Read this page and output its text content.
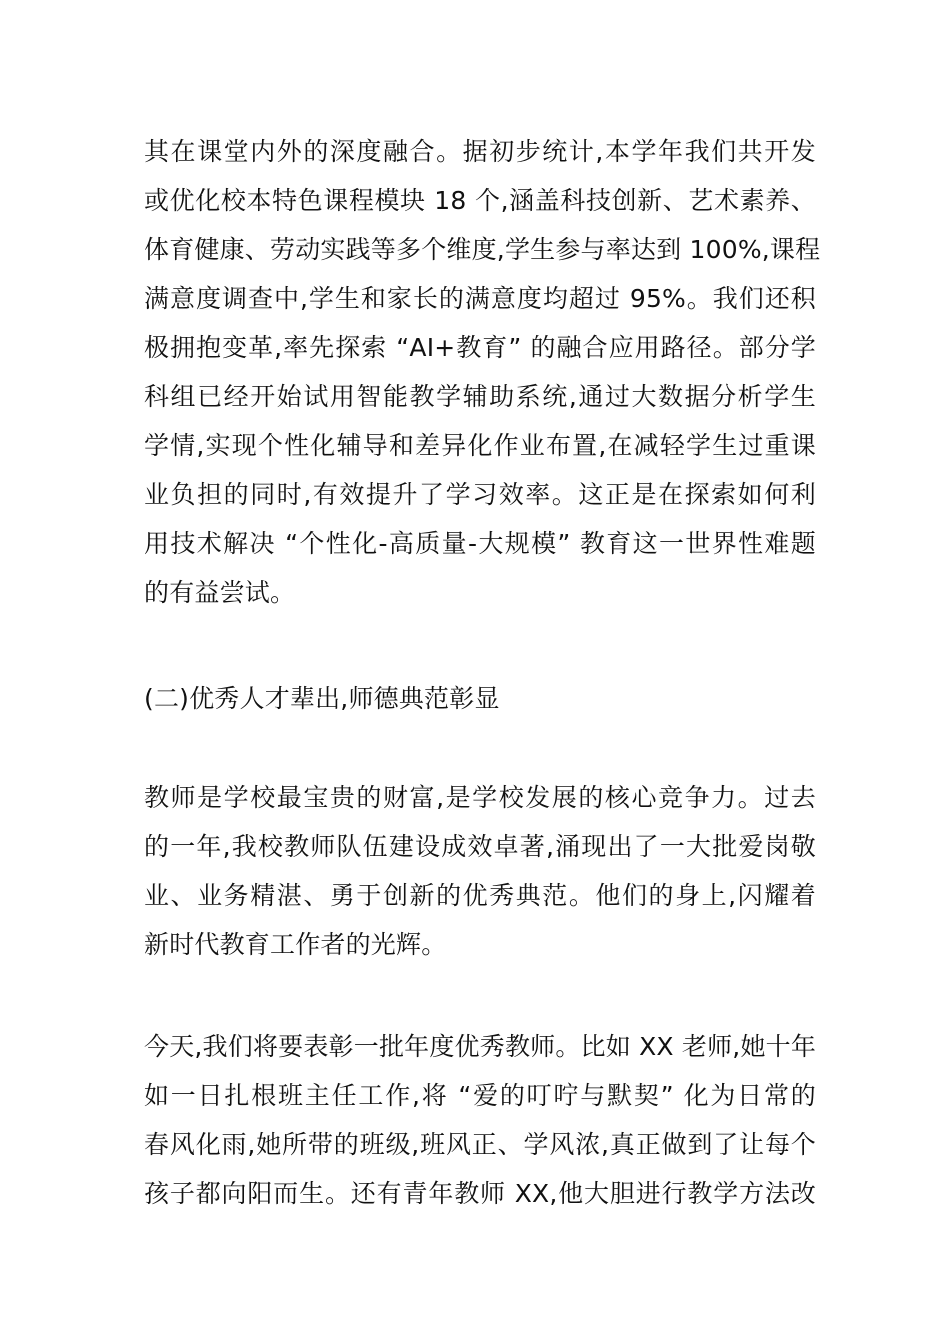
其在课堂内外的深度融合。据初步统计,本学年我们共开发
或优化校本特色课程模块 18 个,涵盖科技创新、艺术素养、
体育健康、劳动实践等多个维度,学生参与率达到 100%,课程
满意度调查中,学生和家长的满意度均超过 95%。我们还积
极拥抱变革,率先探索 “AI+教育” 的融合应用路径。部分学
科组已经开始试用智能教学辅助系统,通过大数据分析学生
学情,实现个性化辅导和差异化作业布置,在减轻学生过重课
业负担的同时,有效提升了学习效率。这正是在探索如何利
用技术解决 “个性化-高质量-大规模” 教育这一世界性难题
的有益尝试。
(二)优秀人才辈出,师德典范彰显
教师是学校最宝贵的财富,是学校发展的核心竞争力。过去
的一年,我校教师队伍建设成效卓著,涌现出了一大批爱岗敬
业、业务精湛、勇于创新的优秀典范。他们的身上,闪耀着
新时代教育工作者的光辉。
今天,我们将要表彰一批年度优秀教师。比如 XX 老师,她十年
如一日扎根班主任工作,将 “爱的叮咛与默契” 化为日常的
春风化雨,她所带的班级,班风正、学风浓,真正做到了让每个
孩子都向阳而生。还有青年教师 XX,他大胆进行教学方法改
